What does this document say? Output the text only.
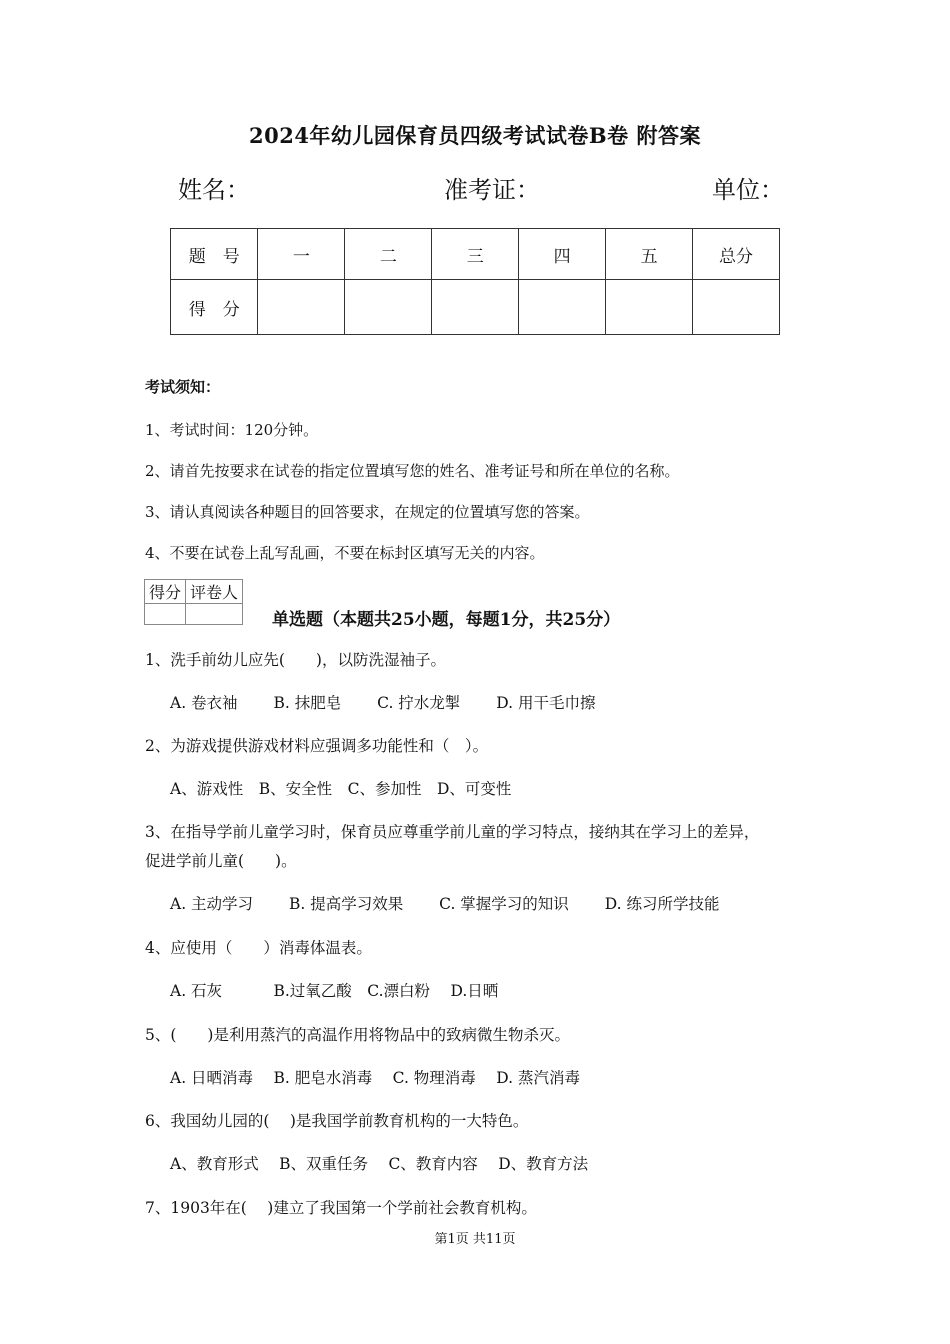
2024年幼儿园保育员四级考试试卷B卷 附答案
姓名：	准考证：	单位：
题　号	一	二	三	四	五	总分
得　分						
考试须知：
1、考试时间：120分钟。
2、请首先按要求在试卷的指定位置填写您的姓名、准考证号和所在单位的名称。
3、请认真阅读各种题目的回答要求，在规定的位置填写您的答案。
4、不要在试卷上乱写乱画，不要在标封区填写无关的内容。
得分	评卷人

单选题（本题共25小题，每题1分，共25分）
1、洗手前幼儿应先(　　)，以防洗湿袖子。
A. 卷衣袖　　 B. 抹肥皂　　 C. 拧水龙掣　　 D. 用干毛巾擦
2、为游戏提供游戏材料应强调多功能性和（　）。
A、游戏性　B、安全性　C、参加性　D、可变性
3、在指导学前儿童学习时，保育员应尊重学前儿童的学习特点，接纳其在学习上的差异，
促进学前儿童(　　)。
A. 主动学习　　 B. 提高学习效果　　 C. 掌握学习的知识　　 D. 练习所学技能
4、应使用（　　）消毒体温表。
A. 石灰　　　 B.过氧乙酸　C.漂白粉　 D.日晒
5、(　　)是利用蒸汽的高温作用将物品中的致病微生物杀灭。
A. 日晒消毒　 B. 肥皂水消毒　 C. 物理消毒　 D. 蒸汽消毒
6、我国幼儿园的(　 )是我国学前教育机构的一大特色。
A、教育形式　 B、双重任务　 C、教育内容　 D、教育方法
7、1903年在(　 )建立了我国第一个学前社会教育机构。
第1页 共11页
